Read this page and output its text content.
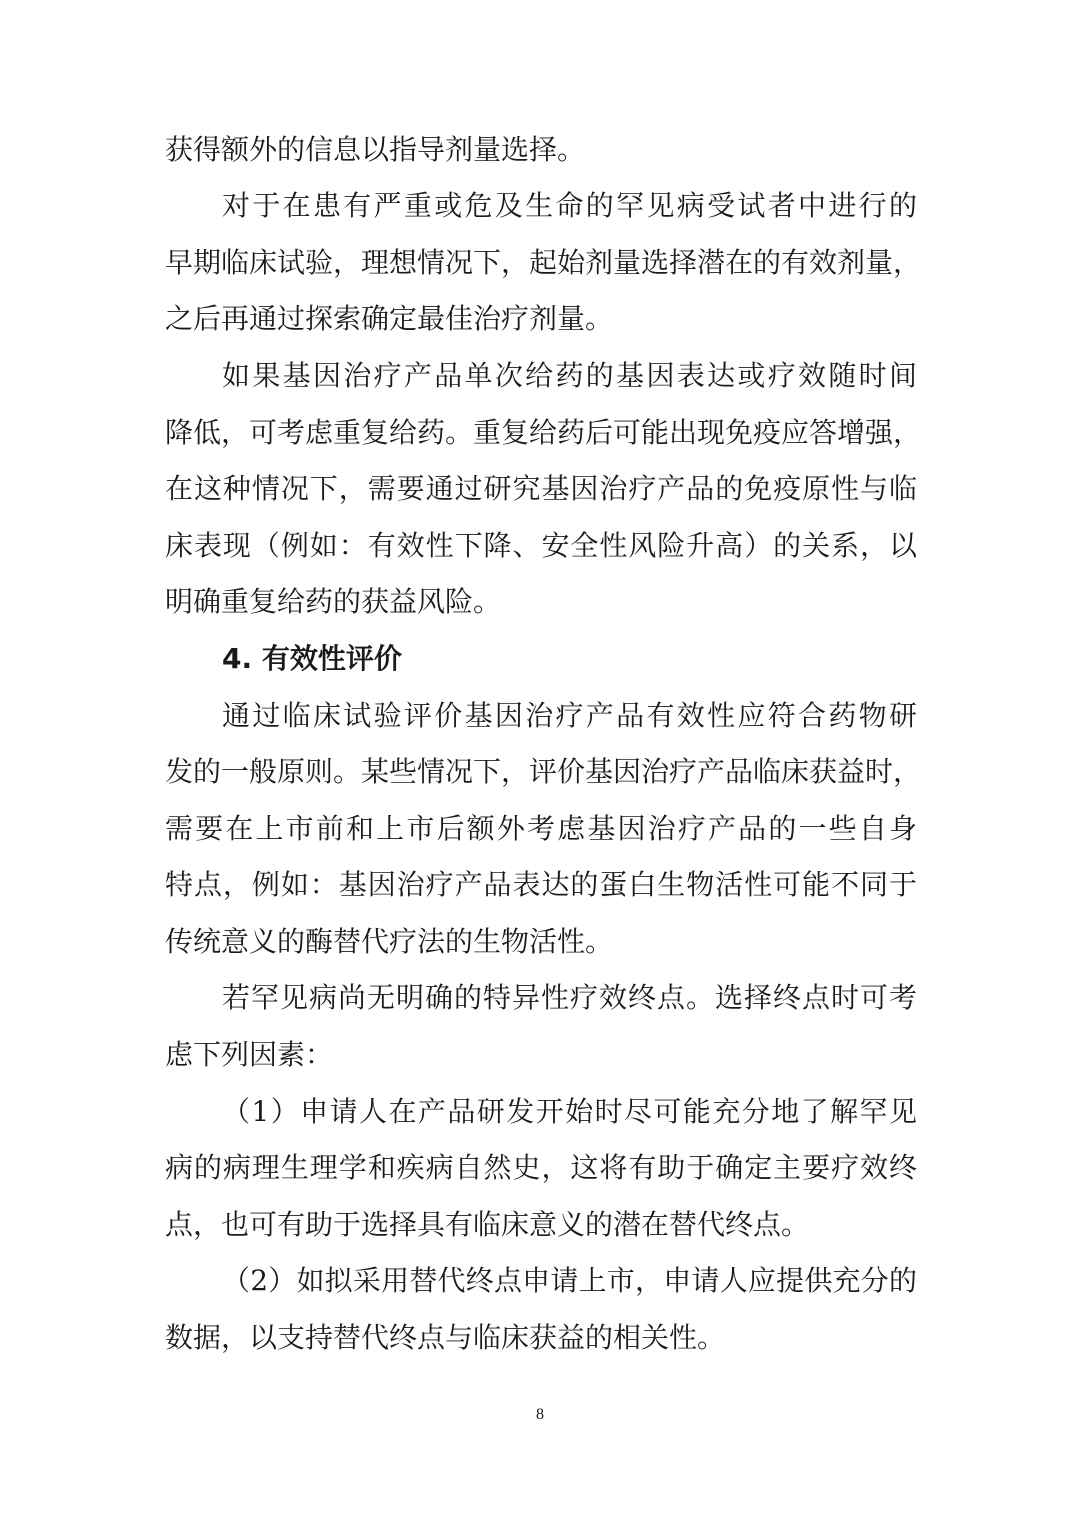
获得额外的信息以指导剂量选择。
对于在患有严重或危及生命的罕见病受试者中进行的
早期临床试验，理想情况下，起始剂量选择潜在的有效剂量，
之后再通过探索确定最佳治疗剂量。
如果基因治疗产品单次给药的基因表达或疗效随时间
降低，可考虑重复给药。重复给药后可能出现免疫应答增强，
在这种情况下，需要通过研究基因治疗产品的免疫原性与临
床表现（例如：有效性下降、安全性风险升高）的关系，以
明确重复给药的获益风险。
4. 有效性评价
通过临床试验评价基因治疗产品有效性应符合药物研
发的一般原则。某些情况下，评价基因治疗产品临床获益时，
需要在上市前和上市后额外考虑基因治疗产品的一些自身
特点，例如：基因治疗产品表达的蛋白生物活性可能不同于
传统意义的酶替代疗法的生物活性。
若罕见病尚无明确的特异性疗效终点。选择终点时可考
虑下列因素：
（1）申请人在产品研发开始时尽可能充分地了解罕见
病的病理生理学和疾病自然史，这将有助于确定主要疗效终
点，也可有助于选择具有临床意义的潜在替代终点。
（2）如拟采用替代终点申请上市，申请人应提供充分的
数据，以支持替代终点与临床获益的相关性。
8
